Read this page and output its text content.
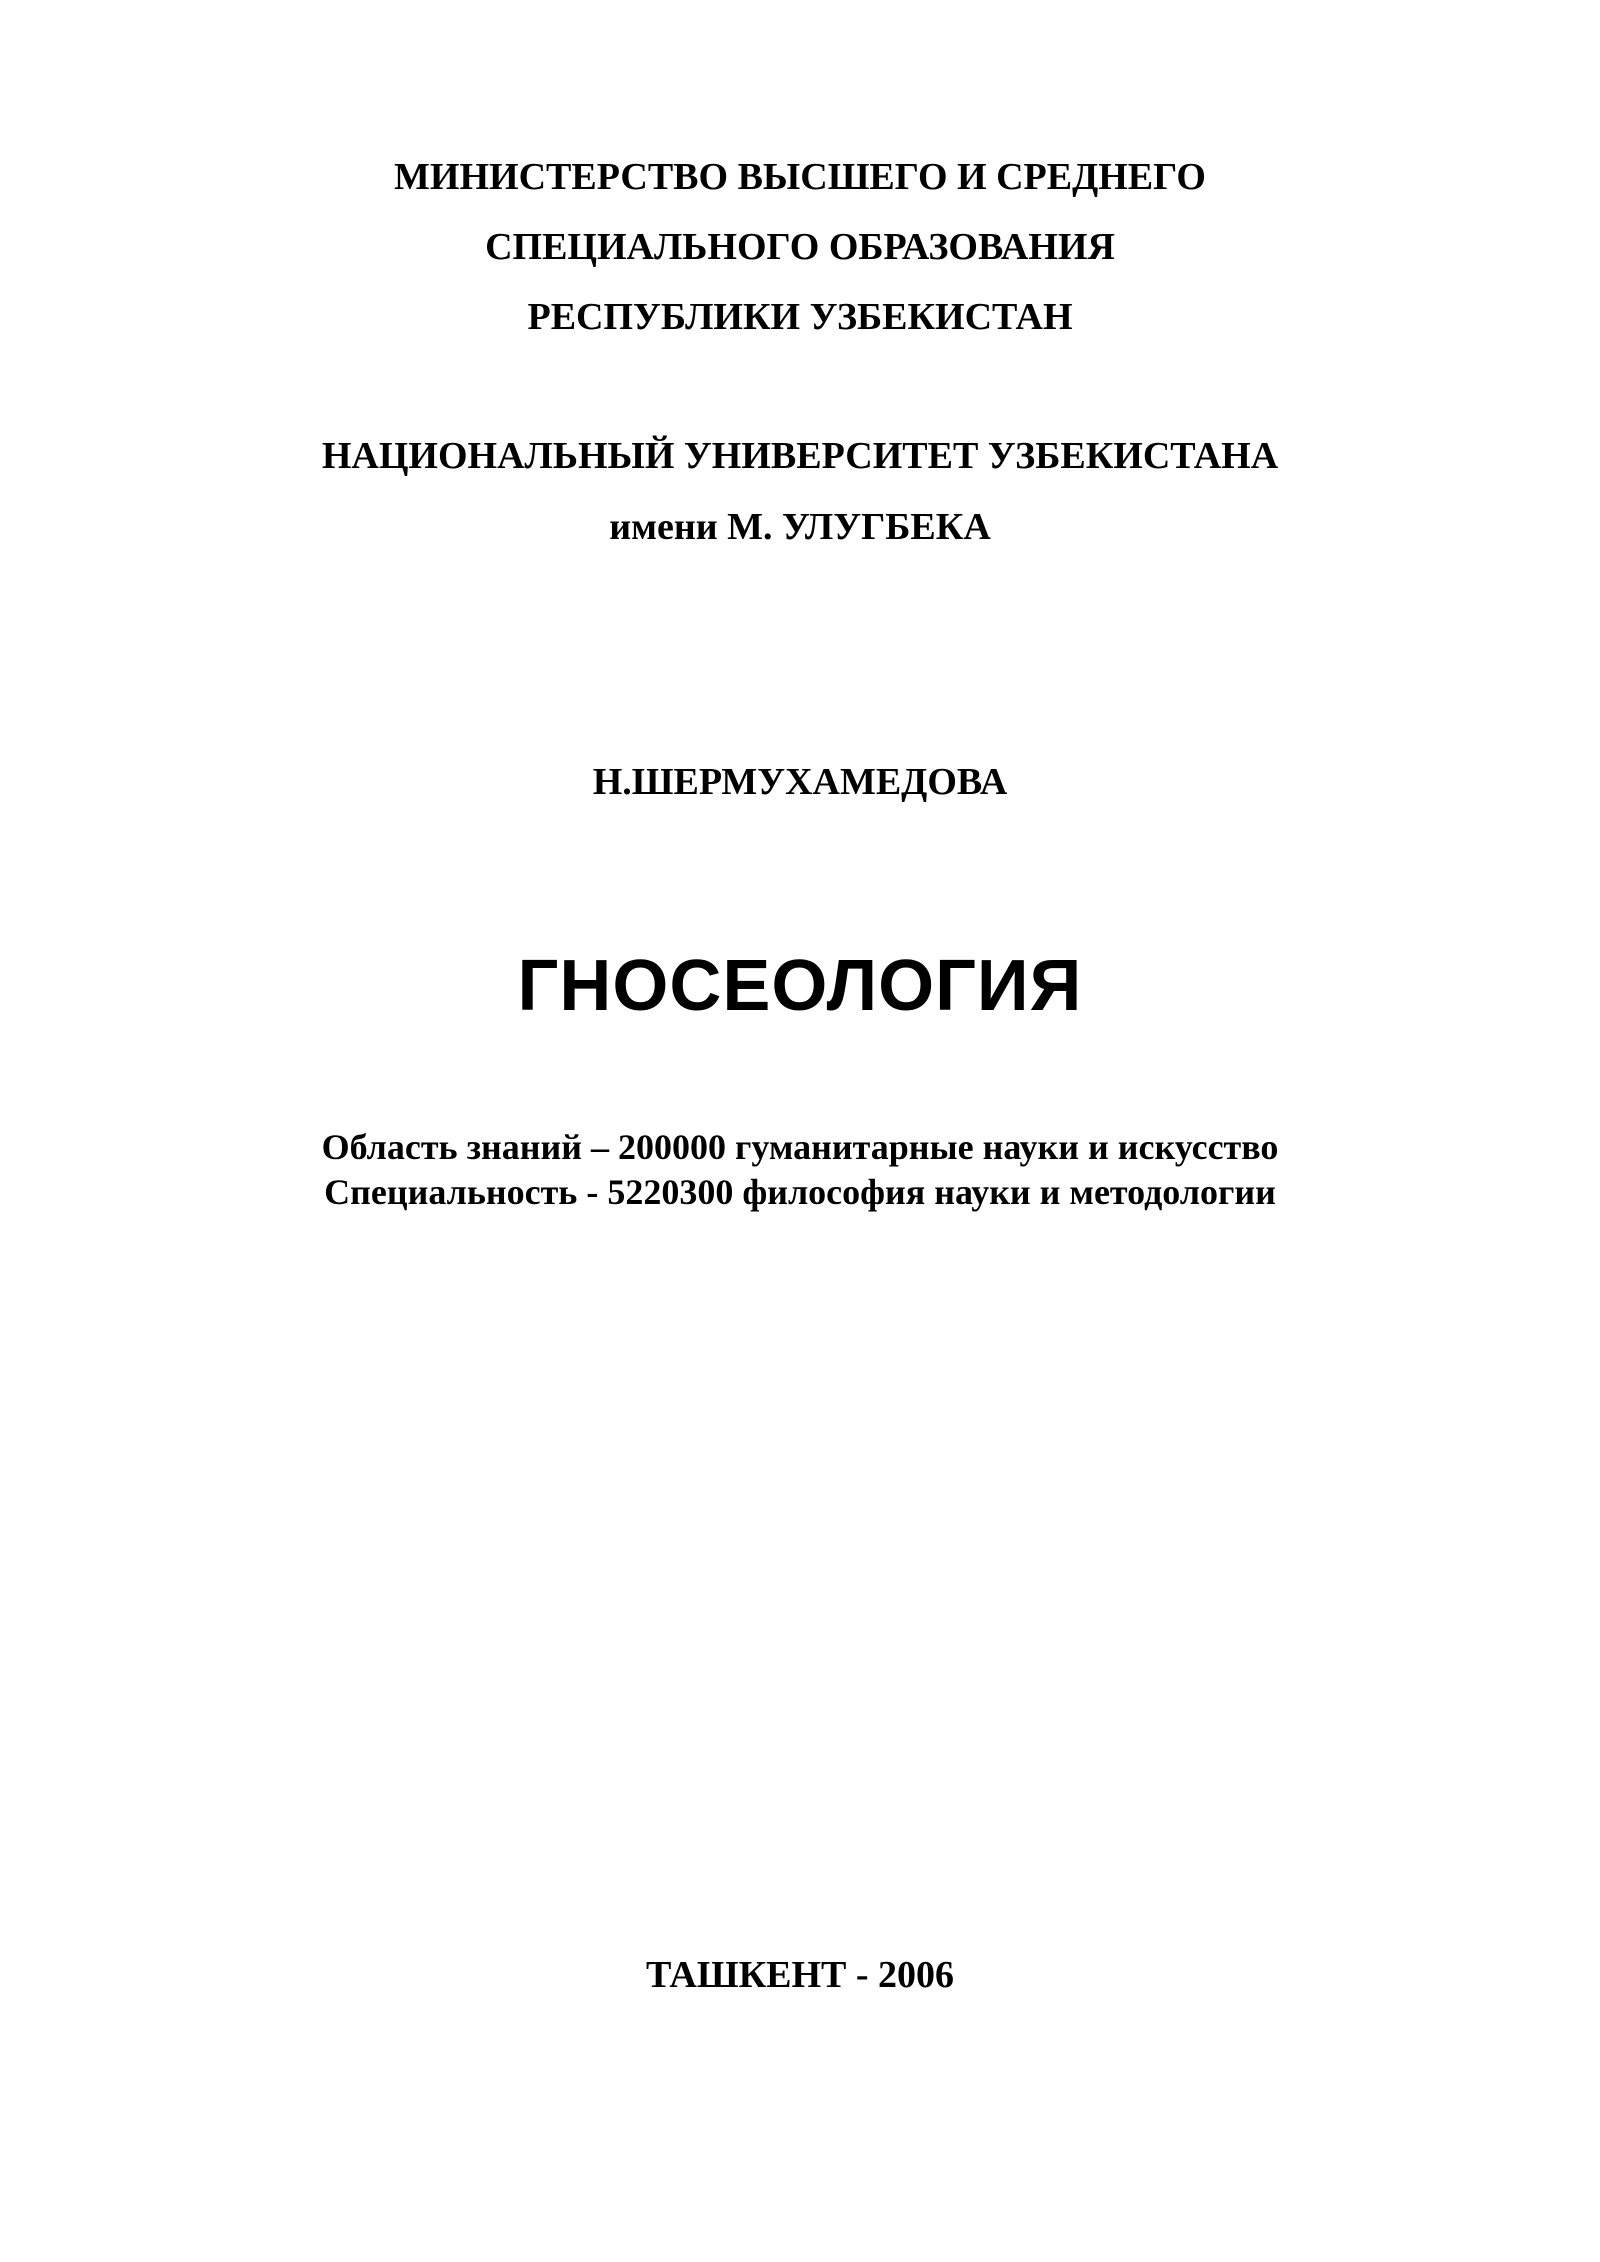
МИНИСТЕРСТВО ВЫСШЕГО И СРЕДНЕГО
СПЕЦИАЛЬНОГО ОБРАЗОВАНИЯ
РЕСПУБЛИКИ УЗБЕКИСТАН
НАЦИОНАЛЬНЫЙ УНИВЕРСИТЕТ УЗБЕКИСТАНА
имени М. УЛУГБЕКА
Н.ШЕРМУХАМЕДОВА
ГНОСЕОЛОГИЯ
Область знаний – 200000 гуманитарные науки и искусство
Специальность - 5220300 философия науки и методологии
ТАШКЕНТ - 2006
